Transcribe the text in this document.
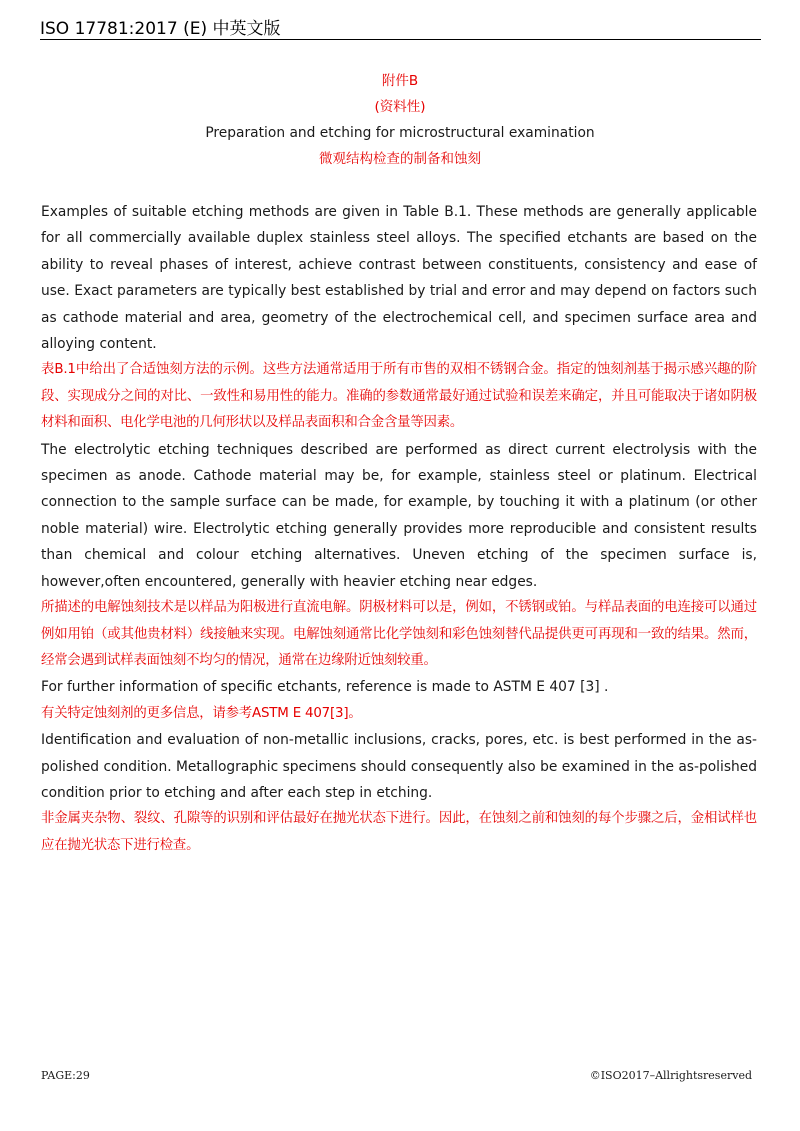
ISO 17781:2017 (E) 中英文版
附件B
(资料性)
Preparation and etching for microstructural examination
微观结构检查的制备和蚀刻

Examples of suitable etching methods are given in Table B.1. These methods are generally applicable for all commercially available duplex stainless steel alloys. The specified etchants are based on the ability to reveal phases of interest, achieve contrast between constituents, consistency and ease of use. Exact parameters are typically best established by trial and error and may depend on factors such as cathode material and area, geometry of the electrochemical cell, and specimen surface area and alloying content.

表B.1中给出了合适蚀刻方法的示例。这些方法通常适用于所有市售的双相不锈钢合金。指定的蚀刻剂基于揭示感兴趣的阶段、实现成分之间的对比、一致性和易用性的能力。准确的参数通常最好通过试验和误差来确定，并且可能取决于诸如阴极材料和面积、电化学电池的几何形状以及样品表面积和合金含量等因素。

The electrolytic etching techniques described are performed as direct current electrolysis with the specimen as anode. Cathode material may be, for example, stainless steel or platinum. Electrical connection to the sample surface can be made, for example, by touching it with a platinum (or other noble material) wire. Electrolytic etching generally provides more reproducible and consistent results than chemical and colour etching alternatives. Uneven etching of the specimen surface is, however,often encountered, generally with heavier etching near edges.

所描述的电解蚀刻技术是以样品为阳极进行直流电解。阴极材料可以是，例如，不锈钢或铂。与样品表面的电连接可以通过例如用铂（或其他贵材料）线接触来实现。电解蚀刻通常比化学蚀刻和彩色蚀刻替代品提供更可再现和一致的结果。然而，经常会遇到试样表面蚀刻不均匀的情况，通常在边缘附近蚀刻较重。

For further information of specific etchants, reference is made to ASTM E 407 [3] .

有关特定蚀刻剂的更多信息，请参考ASTM E 407[3]。

Identification and evaluation of non-metallic inclusions, cracks, pores, etc. is best performed in the as-polished condition. Metallographic specimens should consequently also be examined in the as-polished condition prior to etching and after each step in etching.

非金属夹杂物、裂纹、孔隙等的识别和评估最好在抛光状态下进行。因此，在蚀刻之前和蚀刻的每个步骤之后，金相试样也应在抛光状态下进行检查。

PAGE:29	©ISO2017–Allrightsreserved
